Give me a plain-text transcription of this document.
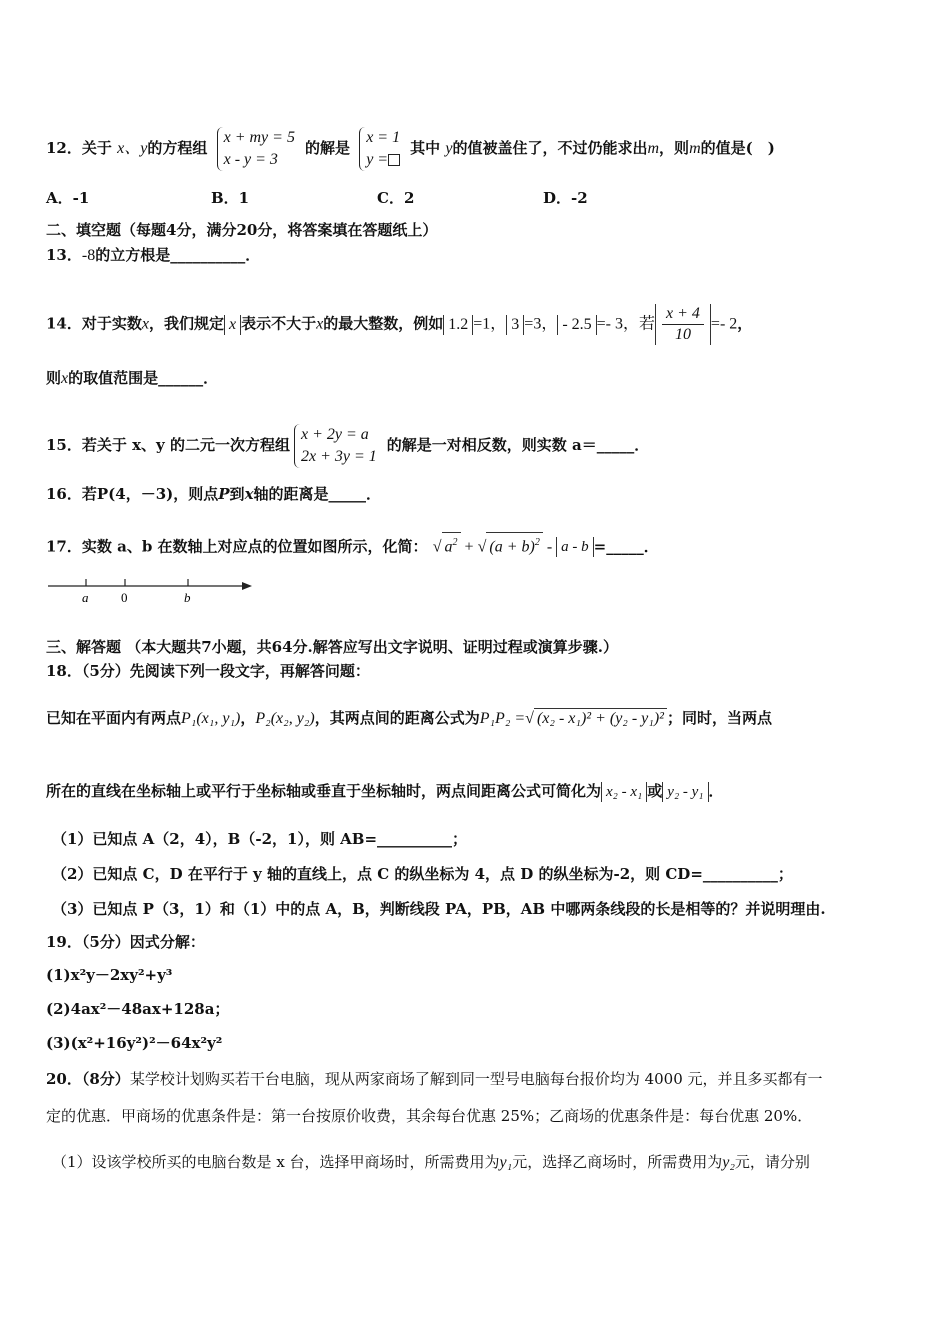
12．关于 x、y的方程组
x + my = 5
x - y = 3
的解是
x = 1
y =
其中 y的值被盖住了，不过仍能求出m，则m的值是(　)
A．-1	B．1	C．2	D．-2
二、填空题（每题4分，满分20分，将答案填在答题纸上）
13．-8的立方根是__________．
14．对于实数x，我们规定 x 表示不大于x的最大整数，例如 1.2 =1， 3 =3， - 2.5 =- 3，若 $\frac{x + 4}{10} =- 2$，
则x的取值范围是______．
15．若关于 x、y 的二元一次方程组
x + 2y = a
2x + 3y = 1
的解是一对相反数，则实数 a＝_____．
16．若P(4，－3)，则点P到x轴的距离是_____．
17．实数 a、b 在数轴上对应点的位置如图所示，化简： √ $a^2$ + √ $(a + b)^2 - a - b$ =_____．
a	0	b
三、解答题 （本大题共7小题，共64分.解答应写出文字说明、证明过程或演算步骤.）
18．（5分）先阅读下列一段文字，再解答问题：
已知在平面内有两点P₁(x₁, y₁)，P₂(x₂, y₂)，其两点间的距离公式为P₁P₂ =√ (x₂ - x₁)² + (y₂ - y₁)² ；同时，当两点
所在的直线在坐标轴上或平行于坐标轴或垂直于坐标轴时，两点间距离公式可简化为 x₂ - x₁ 或 y₂ - y₁ ．
（1）已知点 A（2，4），B（-2，1），则 AB=__________；
（2）已知点 C，D 在平行于 y 轴的直线上，点 C 的纵坐标为 4，点 D 的纵坐标为-2，则 CD=__________；
（3）已知点 P（3，1）和（1）中的点 A，B，判断线段 PA，PB，AB 中哪两条线段的长是相等的？并说明理由.
19．（5分）因式分解：
(1)x²y－2xy²+y³
(2)4ax²－48ax+128a；
(3)(x²+16y²)²－64x²y²
20．（8分）某学校计划购买若干台电脑，现从两家商场了解到同一型号电脑每台报价均为 4000 元，并且多买都有一
定的优惠．甲商场的优惠条件是：第一台按原价收费，其余每台优惠 25%；乙商场的优惠条件是：每台优惠 20%．
（1）设该学校所买的电脑台数是 x 台，选择甲商场时，所需费用为y₁元，选择乙商场时，所需费用为y₂元，请分别
